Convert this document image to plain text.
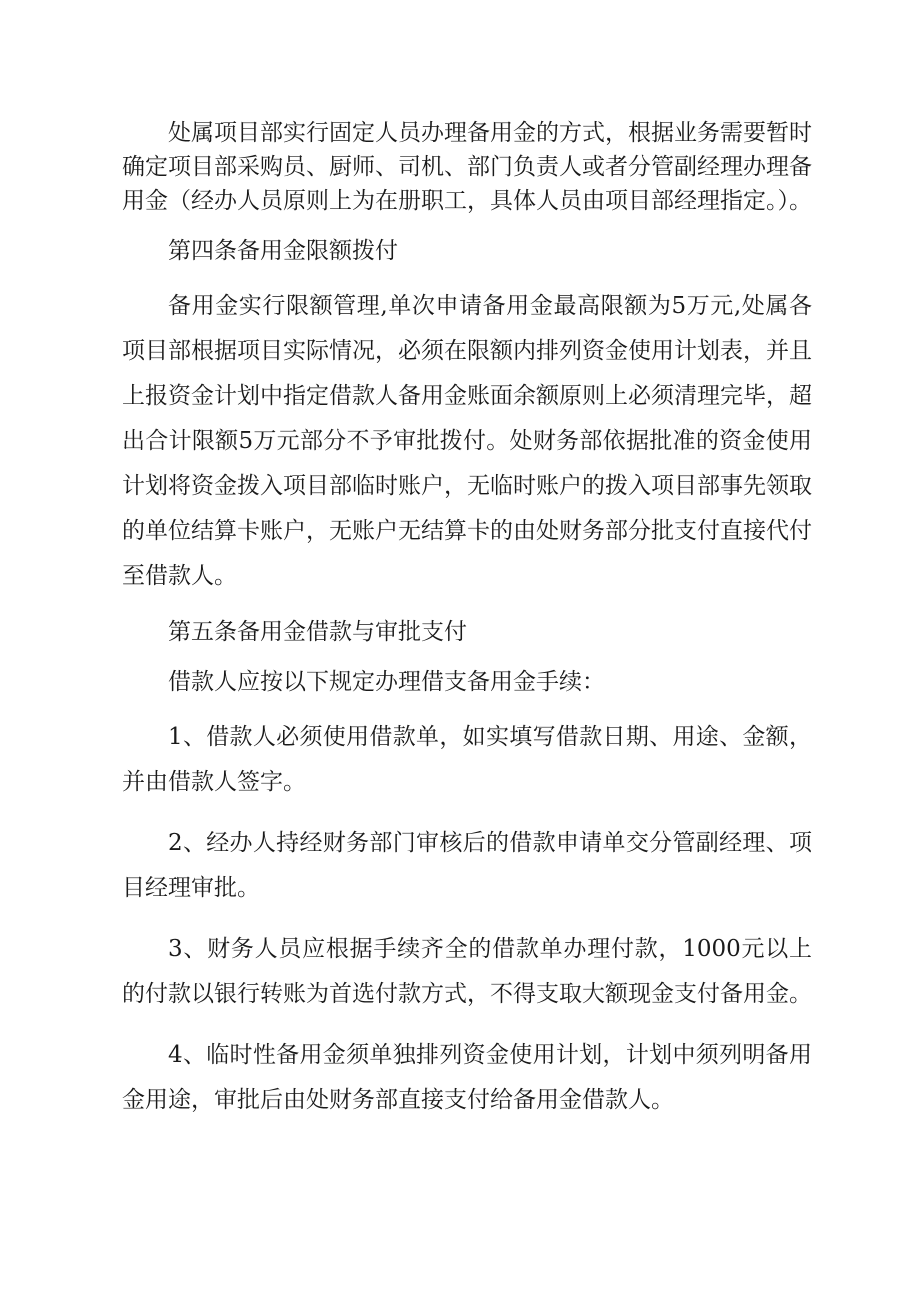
处属项目部实行固定人员办理备用金的方式，根据业务需要暂时确定项目部采购员、厨师、司机、部门负责人或者分管副经理办理备用金（经办人员原则上为在册职工，具体人员由项目部经理指定。）。

第四条备用金限额拨付

备用金实行限额管理,单次申请备用金最高限额为5万元,处属各项目部根据项目实际情况，必须在限额内排列资金使用计划表，并且上报资金计划中指定借款人备用金账面余额原则上必须清理完毕，超出合计限额5万元部分不予审批拨付。处财务部依据批准的资金使用计划将资金拨入项目部临时账户，无临时账户的拨入项目部事先领取的单位结算卡账户，无账户无结算卡的由处财务部分批支付直接代付至借款人。

第五条备用金借款与审批支付

借款人应按以下规定办理借支备用金手续：

1、借款人必须使用借款单，如实填写借款日期、用途、金额，并由借款人签字。

2、经办人持经财务部门审核后的借款申请单交分管副经理、项目经理审批。

3、财务人员应根据手续齐全的借款单办理付款，1000元以上的付款以银行转账为首选付款方式，不得支取大额现金支付备用金。

4、临时性备用金须单独排列资金使用计划，计划中须列明备用金用途，审批后由处财务部直接支付给备用金借款人。
